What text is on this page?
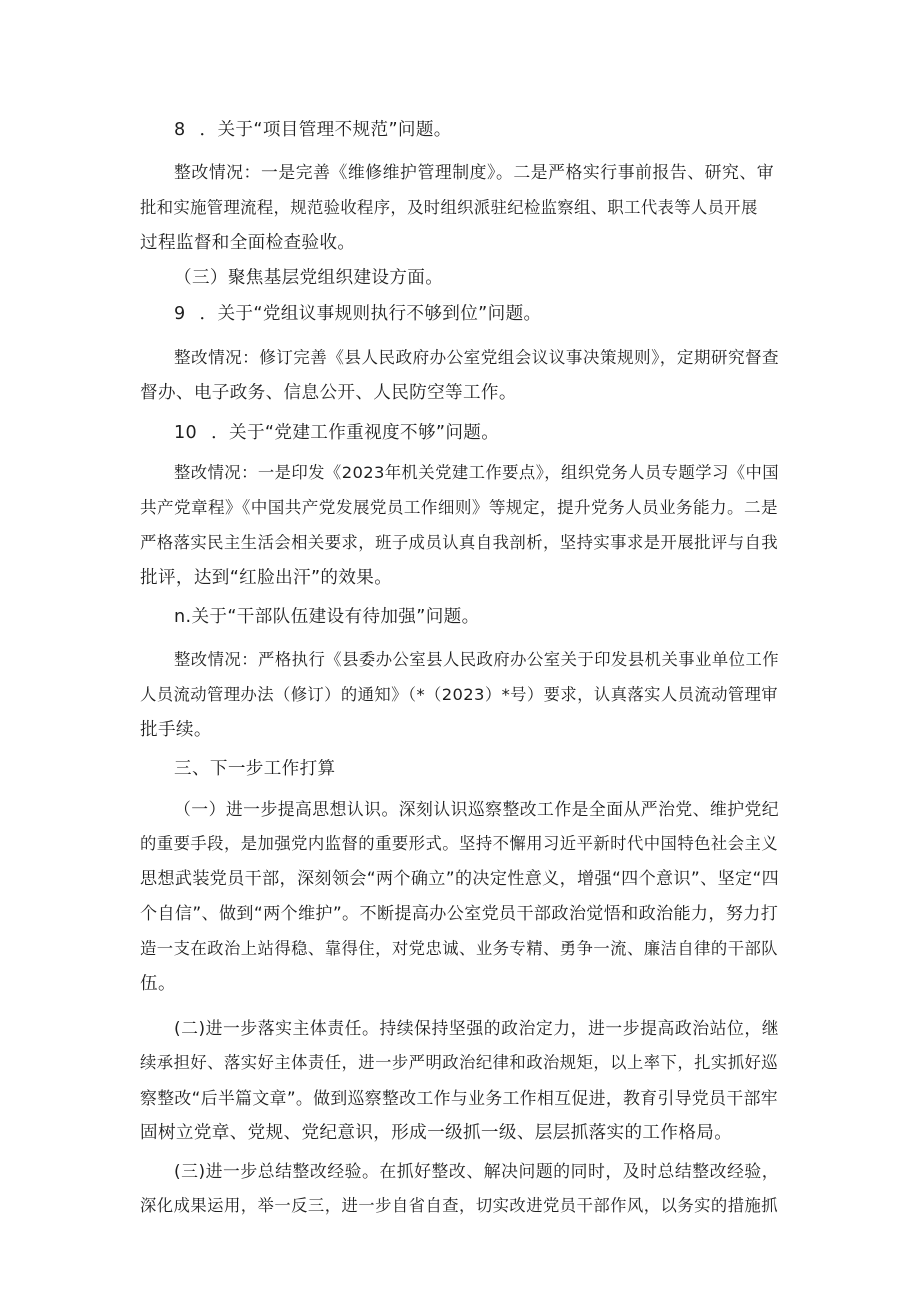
8 ．关于“项目管理不规范”问题。
整改情况：一是完善《维修维护管理制度》。二是严格实行事前报告、研究、审
批和实施管理流程，规范验收程序，及时组织派驻纪检监察组、职工代表等人员开展
过程监督和全面检查验收。
（三）聚焦基层党组织建设方面。
9 ．关于“党组议事规则执行不够到位”问题。
整改情况：修订完善《县人民政府办公室党组会议议事决策规则》，定期研究督查
督办、电子政务、信息公开、人民防空等工作。
10 ．关于“党建工作重视度不够”问题。
整改情况：一是印发《2023年机关党建工作要点》，组织党务人员专题学习《中国
共产党章程》《中国共产党发展党员工作细则》等规定，提升党务人员业务能力。二是
严格落实民主生活会相关要求，班子成员认真自我剖析，坚持实事求是开展批评与自我
批评，达到“红脸出汗”的效果。
n.关于“干部队伍建设有待加强”问题。
整改情况：严格执行《县委办公室县人民政府办公室关于印发县机关事业单位工作
人员流动管理办法（修订）的通知》（*（2023）*号）要求，认真落实人员流动管理审
批手续。
三、下一步工作打算
（一）进一步提高思想认识。深刻认识巡察整改工作是全面从严治党、维护党纪
的重要手段，是加强党内监督的重要形式。坚持不懈用习近平新时代中国特色社会主义
思想武装党员干部，深刻领会“两个确立”的决定性意义，增强“四个意识”、坚定“四
个自信”、做到“两个维护”。不断提高办公室党员干部政治觉悟和政治能力，努力打
造一支在政治上站得稳、靠得住，对党忠诚、业务专精、勇争一流、廉洁自律的干部队
伍。
(二)进一步落实主体责任。持续保持坚强的政治定力，进一步提高政治站位，继
续承担好、落实好主体责任，进一步严明政治纪律和政治规矩，以上率下，扎实抓好巡
察整改“后半篇文章”。做到巡察整改工作与业务工作相互促进，教育引导党员干部牢
固树立党章、党规、党纪意识，形成一级抓一级、层层抓落实的工作格局。
(三)进一步总结整改经验。在抓好整改、解决问题的同时，及时总结整改经验，
深化成果运用，举一反三，进一步自省自查，切实改进党员干部作风，以务实的措施抓
